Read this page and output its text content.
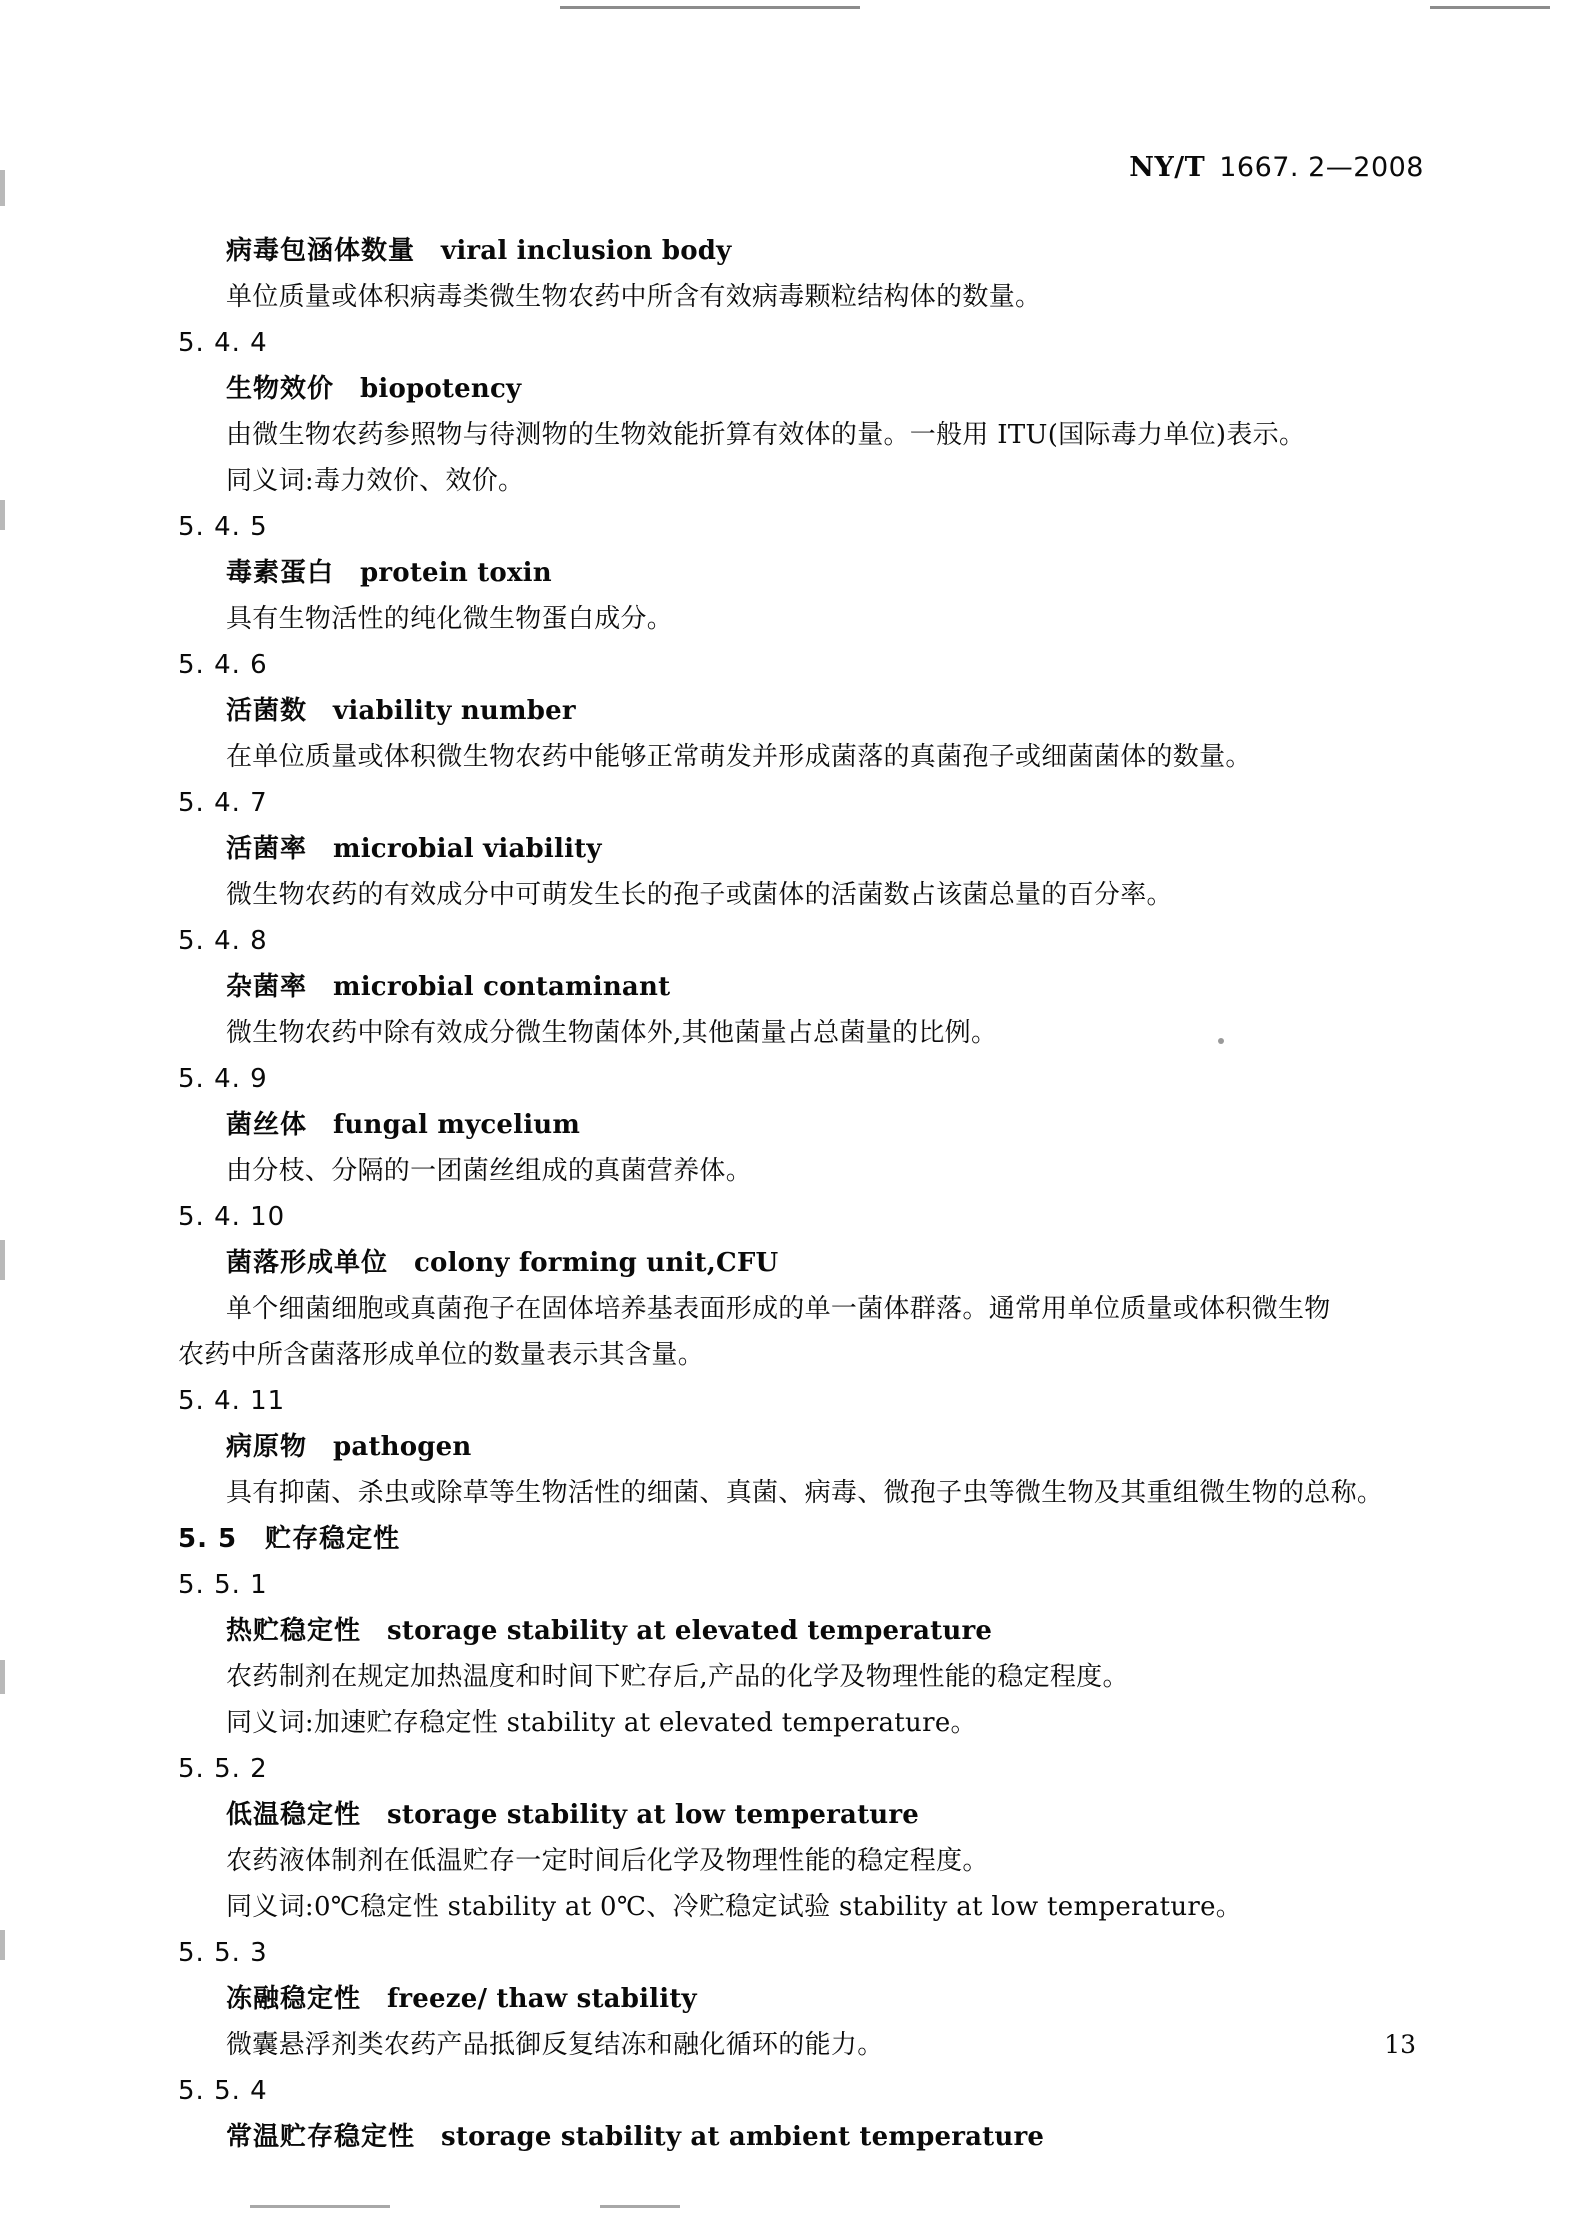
NY/T 1667. 2—2008
病毒包涵体数量 viral inclusion body
单位质量或体积病毒类微生物农药中所含有效病毒颗粒结构体的数量。
5. 4. 4
生物效价 biopotency
由微生物农药参照物与待测物的生物效能折算有效体的量。一般用 ITU(国际毒力单位)表示。
同义词:毒力效价、效价。
5. 4. 5
毒素蛋白 protein toxin
具有生物活性的纯化微生物蛋白成分。
5. 4. 6
活菌数 viability number
在单位质量或体积微生物农药中能够正常萌发并形成菌落的真菌孢子或细菌菌体的数量。
5. 4. 7
活菌率 microbial viability
微生物农药的有效成分中可萌发生长的孢子或菌体的活菌数占该菌总量的百分率。
5. 4. 8
杂菌率 microbial contaminant
微生物农药中除有效成分微生物菌体外,其他菌量占总菌量的比例。
5. 4. 9
菌丝体 fungal mycelium
由分枝、分隔的一团菌丝组成的真菌营养体。
5. 4. 10
菌落形成单位 colony forming unit,CFU
单个细菌细胞或真菌孢子在固体培养基表面形成的单一菌体群落。通常用单位质量或体积微生物
农药中所含菌落形成单位的数量表示其含量。
5. 4. 11
病原物 pathogen
具有抑菌、杀虫或除草等生物活性的细菌、真菌、病毒、微孢子虫等微生物及其重组微生物的总称。
5. 5 贮存稳定性
5. 5. 1
热贮稳定性 storage stability at elevated temperature
农药制剂在规定加热温度和时间下贮存后,产品的化学及物理性能的稳定程度。
同义词:加速贮存稳定性 stability at elevated temperature。
5. 5. 2
低温稳定性 storage stability at low temperature
农药液体制剂在低温贮存一定时间后化学及物理性能的稳定程度。
同义词:0℃稳定性 stability at 0℃、冷贮稳定试验 stability at low temperature。
5. 5. 3
冻融稳定性 freeze/ thaw stability
微囊悬浮剂类农药产品抵御反复结冻和融化循环的能力。
5. 5. 4
常温贮存稳定性 storage stability at ambient temperature
13
